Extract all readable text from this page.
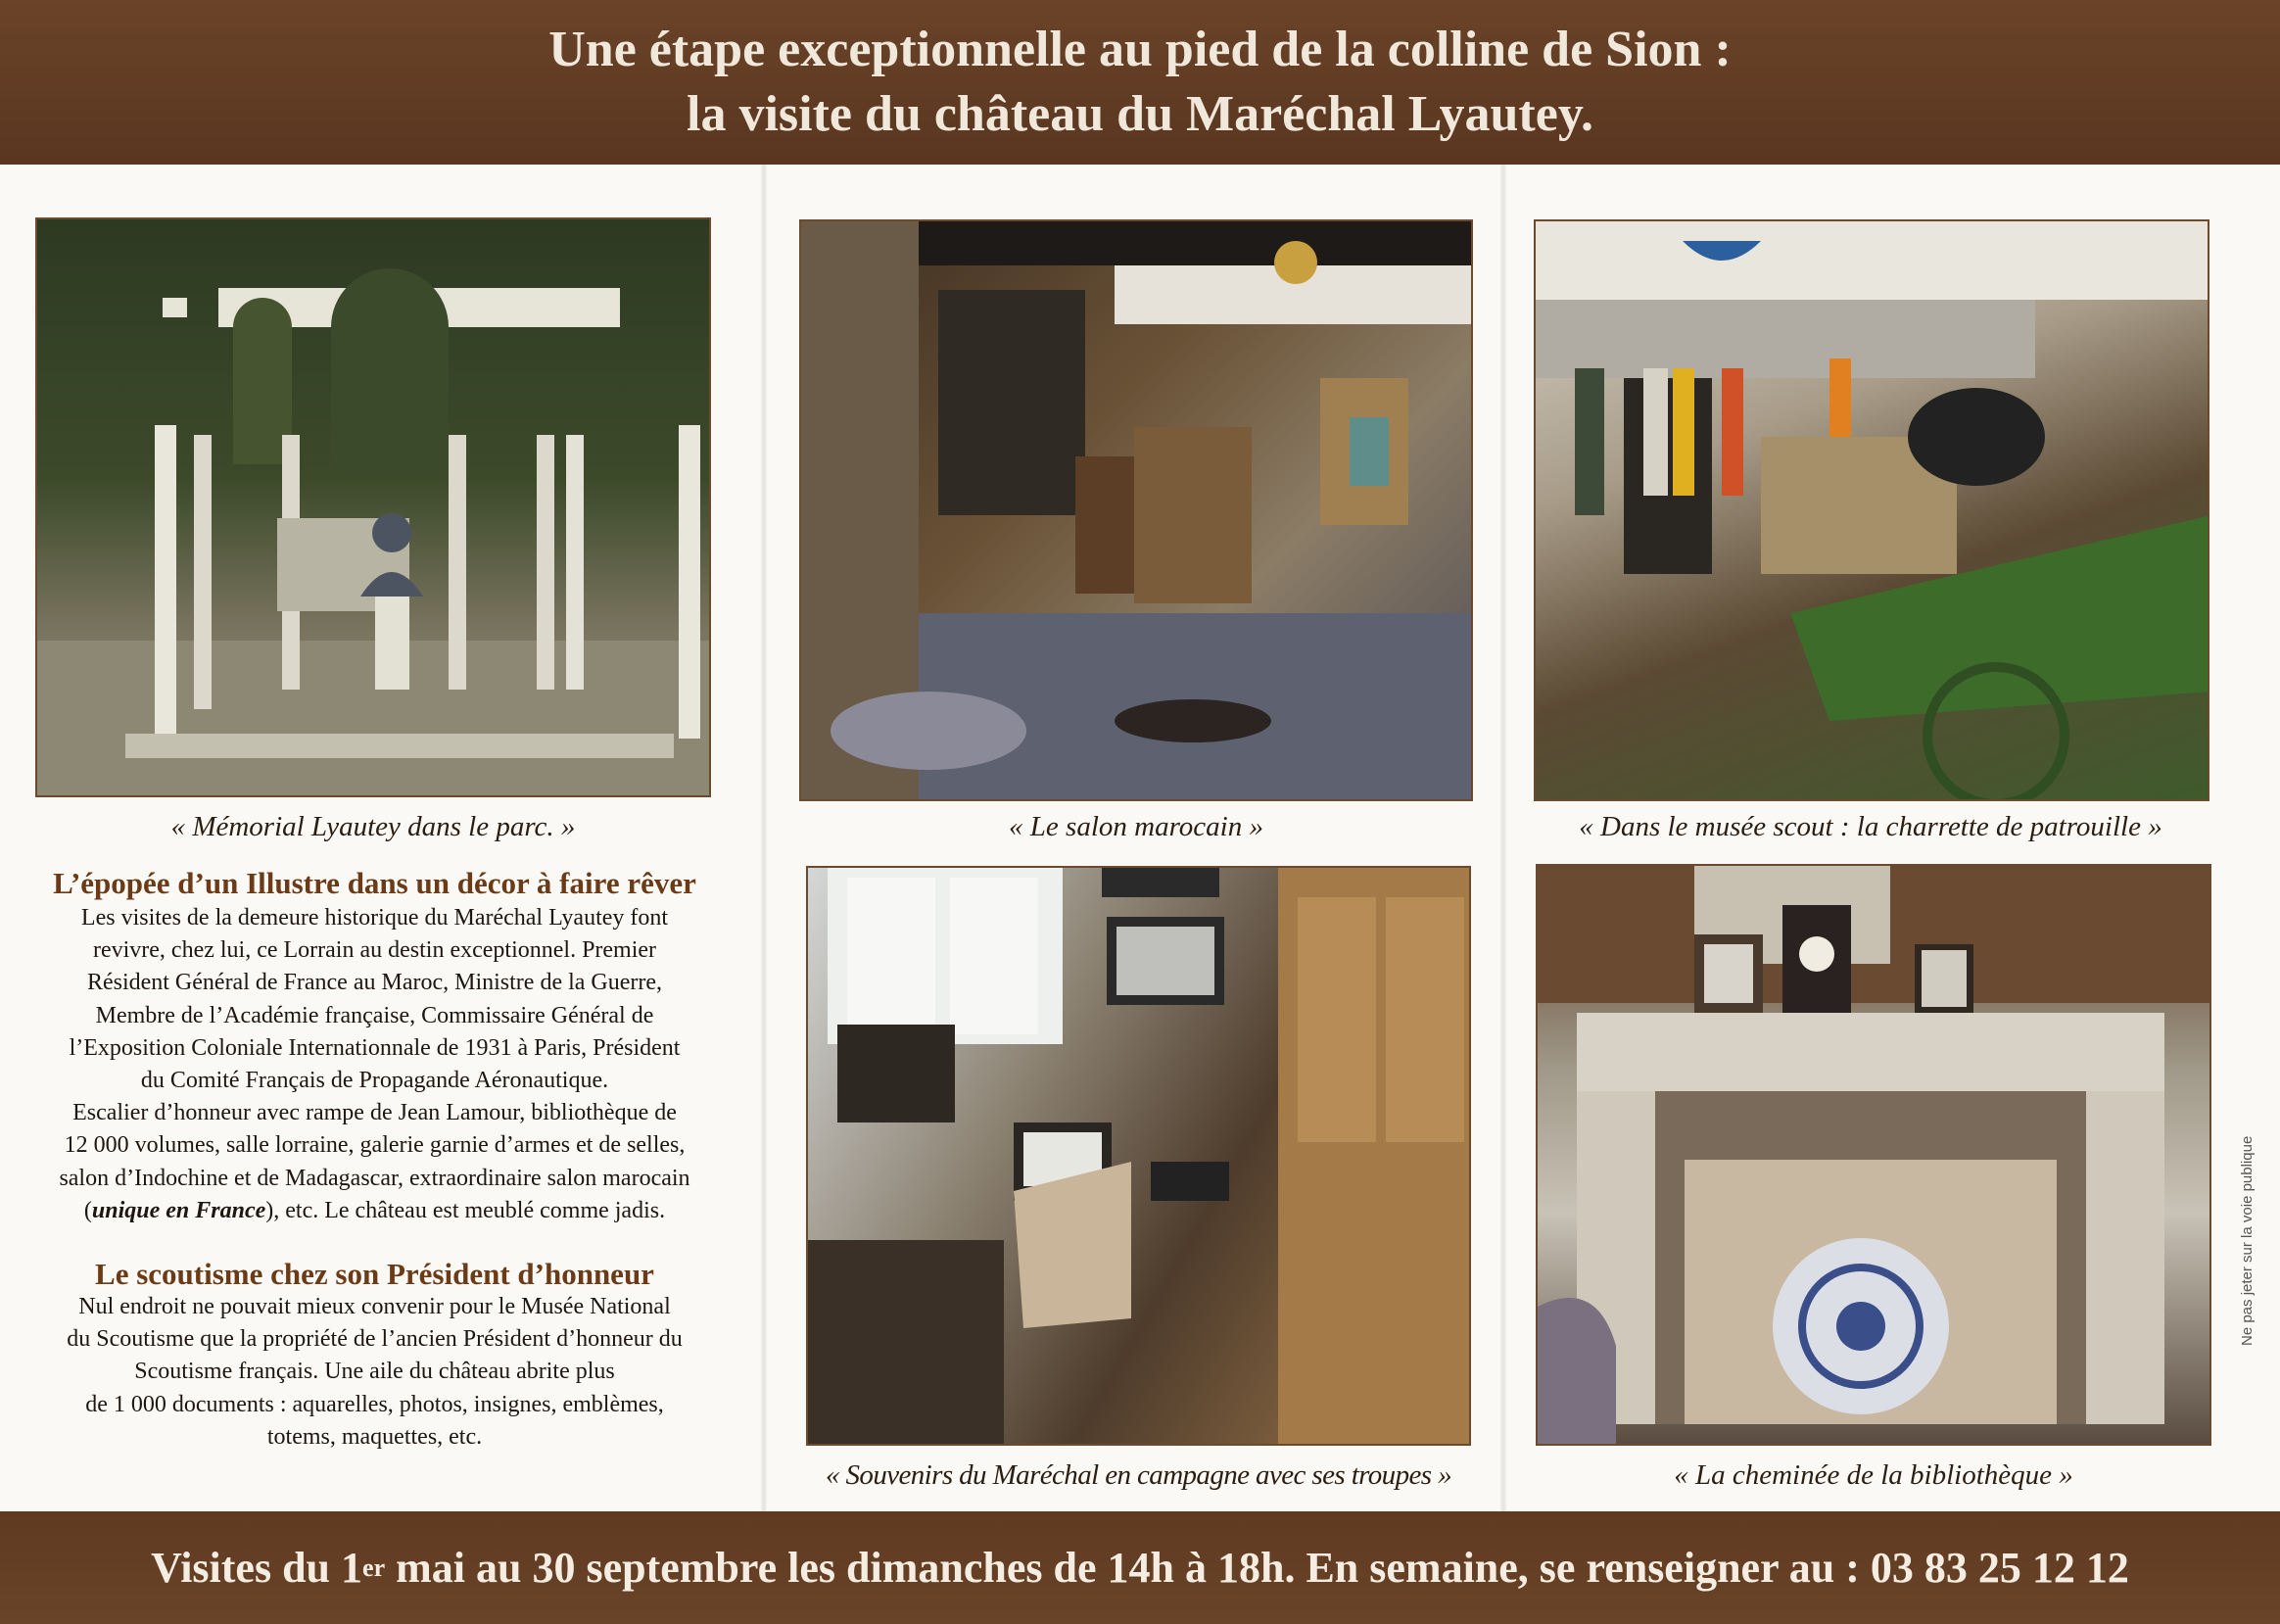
Une étape exceptionnelle au pied de la colline de Sion :
la visite du château du Maréchal Lyautey.
« Mémorial Lyautey dans le parc. »	« Le salon marocain »	« Dans le musée scout : la charrette de patrouille »
« Souvenirs du Maréchal en campagne avec ses troupes »	« La cheminée de la bibliothèque »
L’épopée d’un Illustre dans un décor à faire rêver
Les visites de la demeure historique du Maréchal Lyautey font
revivre, chez lui, ce Lorrain au destin exceptionnel. Premier
Résident Général de France au Maroc, Ministre de la Guerre,
Membre de l’Académie française, Commissaire Général de
l’Exposition Coloniale Internationnale de 1931 à Paris, Président
du Comité Français de Propagande Aéronautique.
Escalier d’honneur avec rampe de Jean Lamour, bibliothèque de
12 000 volumes, salle lorraine, galerie garnie d’armes et de selles,
salon d’Indochine et de Madagascar, extraordinaire salon marocain
(unique en France), etc. Le château est meublé comme jadis.
Le scoutisme chez son Président d’honneur
Nul endroit ne pouvait mieux convenir pour le Musée National
du Scoutisme que la propriété de l’ancien Président d’honneur du
Scoutisme français. Une aile du château abrite plus
de 1 000 documents : aquarelles, photos, insignes, emblèmes,
totems, maquettes, etc.
Ne pas jeter sur la voie publique
Visites du 1 er mai au 30 septembre les dimanches de 14h à 18h. En semaine, se renseigner au : 03 83 25 12 12
